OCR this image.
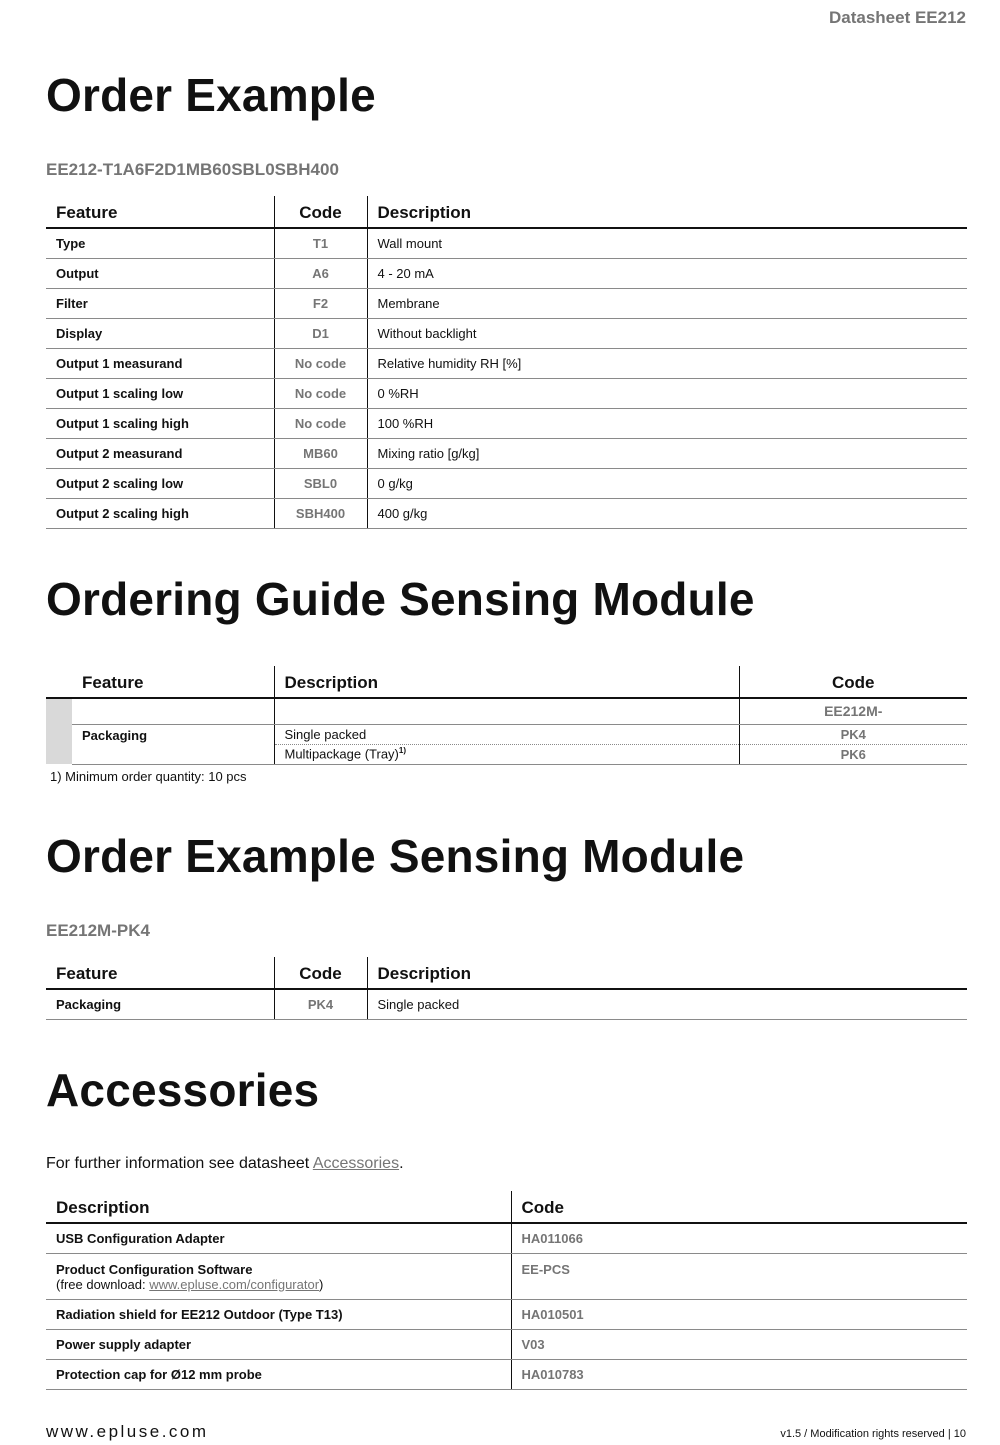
Datasheet EE212
Order Example
EE212-T1A6F2D1MB60SBL0SBH400
Feature	Code	Description
Type	T1	Wall mount
Output	A6	4 - 20 mA
Filter	F2	Membrane
Display	D1	Without backlight
Output 1 measurand	No code	Relative humidity RH [%]
Output 1 scaling low	No code	0 %RH
Output 1 scaling high	No code	100 %RH
Output 2 measurand	MB60	Mixing ratio [g/kg]
Output 2 scaling low	SBL0	0 g/kg
Output 2 scaling high	SBH400	400 g/kg
Ordering Guide Sensing Module
	Feature	Description	Code
			EE212M-
	Packaging	Single packed	PK4
		Multipackage (Tray)$^{1)}$	PK6
1) Minimum order quantity: 10 pcs
Order Example Sensing Module
EE212M-PK4
Feature	Code	Description
Packaging	PK4	Single packed
Accessories
For further information see datasheet Accessories.
Description	Code
USB Configuration Adapter	HA011066
Product Configuration Software
(free download: www.epluse.com/configurator)	EE-PCS
Radiation shield for EE212 Outdoor (Type T13)	HA010501
Power supply adapter	V03
Protection cap for Ø12 mm probe	HA010783
www.epluse.com	v1.5 / Modification rights reserved | 10
